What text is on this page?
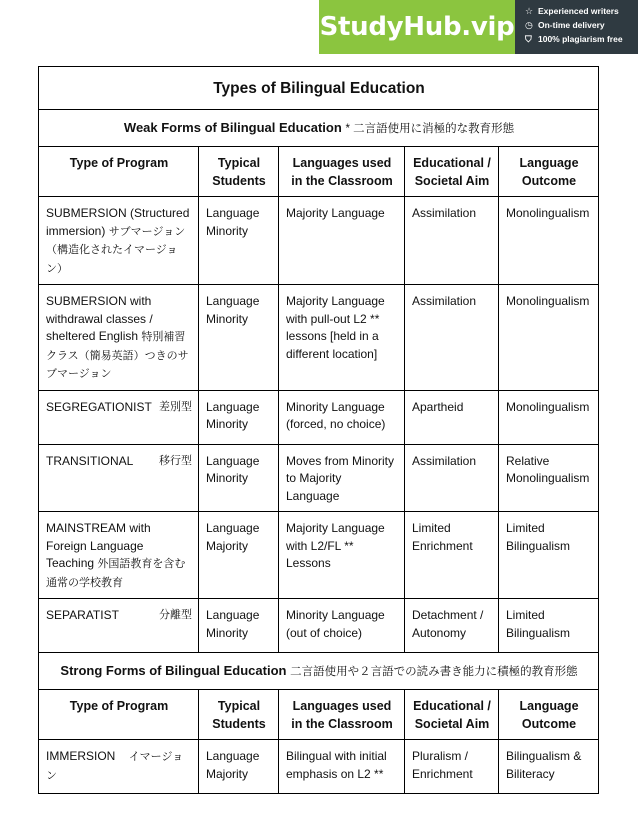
StudyHub.vip
☆ Experienced writers
◷ On-time delivery
⛉ 100% plagiarism free
Types of Bilingual Education				
Weak Forms of Bilingual Education * 二言語使用に消極的な教育形態				
Type of Program	Typical Students	Languages used in the Classroom	Educational / Societal Aim	Language Outcome
SUBMERSION (Structured immersion) サブマージョン
（構造化されたイマージョン）	Language Minority	Majority Language	Assimilation	Monolingualism
SUBMERSION with withdrawal classes / sheltered English 特別補習クラス（簡易英語）つきのサブマージョン	Language Minority	Majority Language with pull-out L2 ** lessons [held in a different location]	Assimilation	Monolingualism

SEGREGATIONIST 差別型	Language Minority	Minority Language (forced, no choice)	Apartheid	Monolingualism

TRANSITIONAL 移行型	Language Minority	Moves from Minority to Majority Language	Assimilation	Relative Monolingualism
MAINSTREAM with Foreign Language Teaching 外国語教育を含む通常の学校教育	Language Majority	Majority Language with L2/FL ** Lessons	Limited Enrichment	Limited Bilingualism

SEPARATIST 分離型	Language Minority	Minority Language (out of choice)	Detachment / Autonomy	Limited Bilingualism
Strong Forms of Bilingual Education 二言語使用や２言語での読み書き能力に積極的教育形態				
Type of Program	Typical Students	Languages used in the Classroom	Educational / Societal Aim	Language Outcome
IMMERSION イマージョン	Language Majority	Bilingual with initial emphasis on L2 **	Pluralism / Enrichment	Bilingualism & Biliteracy
